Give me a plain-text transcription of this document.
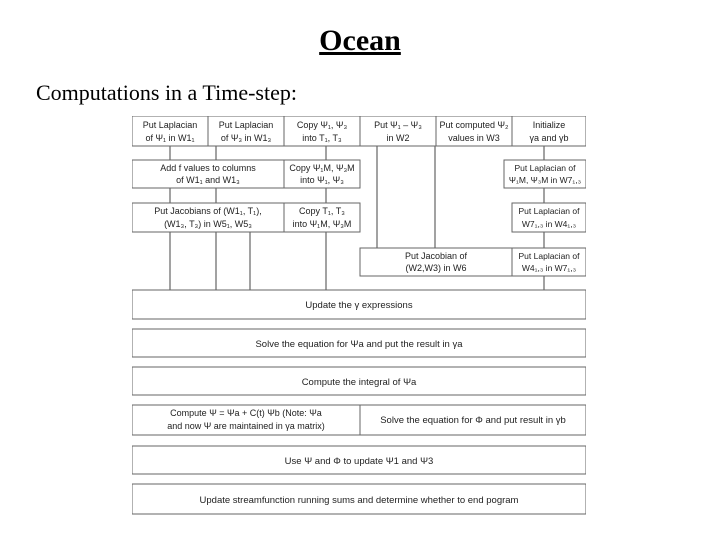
Ocean
Computations in a Time-step:
Put Laplacian
of Ψ₁ in W1₁
Put Laplacian
of Ψ₃ in W1₃
Copy Ψ₁, Ψ₃
into T₁, T₃
Put Ψ₁ – Ψ₃
in W2
Put computed Ψ₂
values in W3
Initialize
γa and γb
Add f values to columns
of W1₁ and W1₃
Copy Ψ₁M, Ψ₃M
into Ψ₁, Ψ₃
Put Laplacian of
Ψ₁M, Ψ₃M in W7₁,₃
Put Jacobians of (W1₁, T₁),
(W1₃, T₃) in W5₁, W5₃
Copy T₁, T₃
into Ψ₁M, Ψ₃M
Put Laplacian of
W7₁,₃ in W4₁,₃
Put Jacobian of
(W2,W3) in W6
Put Laplacian of
W4₁,₃ in W7₁,₃
Update the γ expressions
Solve the equation for Ψa and put the result in γa
Compute the integral of Ψa
Compute Ψ = Ψa + C(t) Ψb (Note: Ψa
and now Ψ are maintained in γa matrix)	Solve the equation for Φ and put result in γb
Use Ψ and Φ to update Ψ1 and Ψ3
Update streamfunction running sums and determine whether to end pogram
